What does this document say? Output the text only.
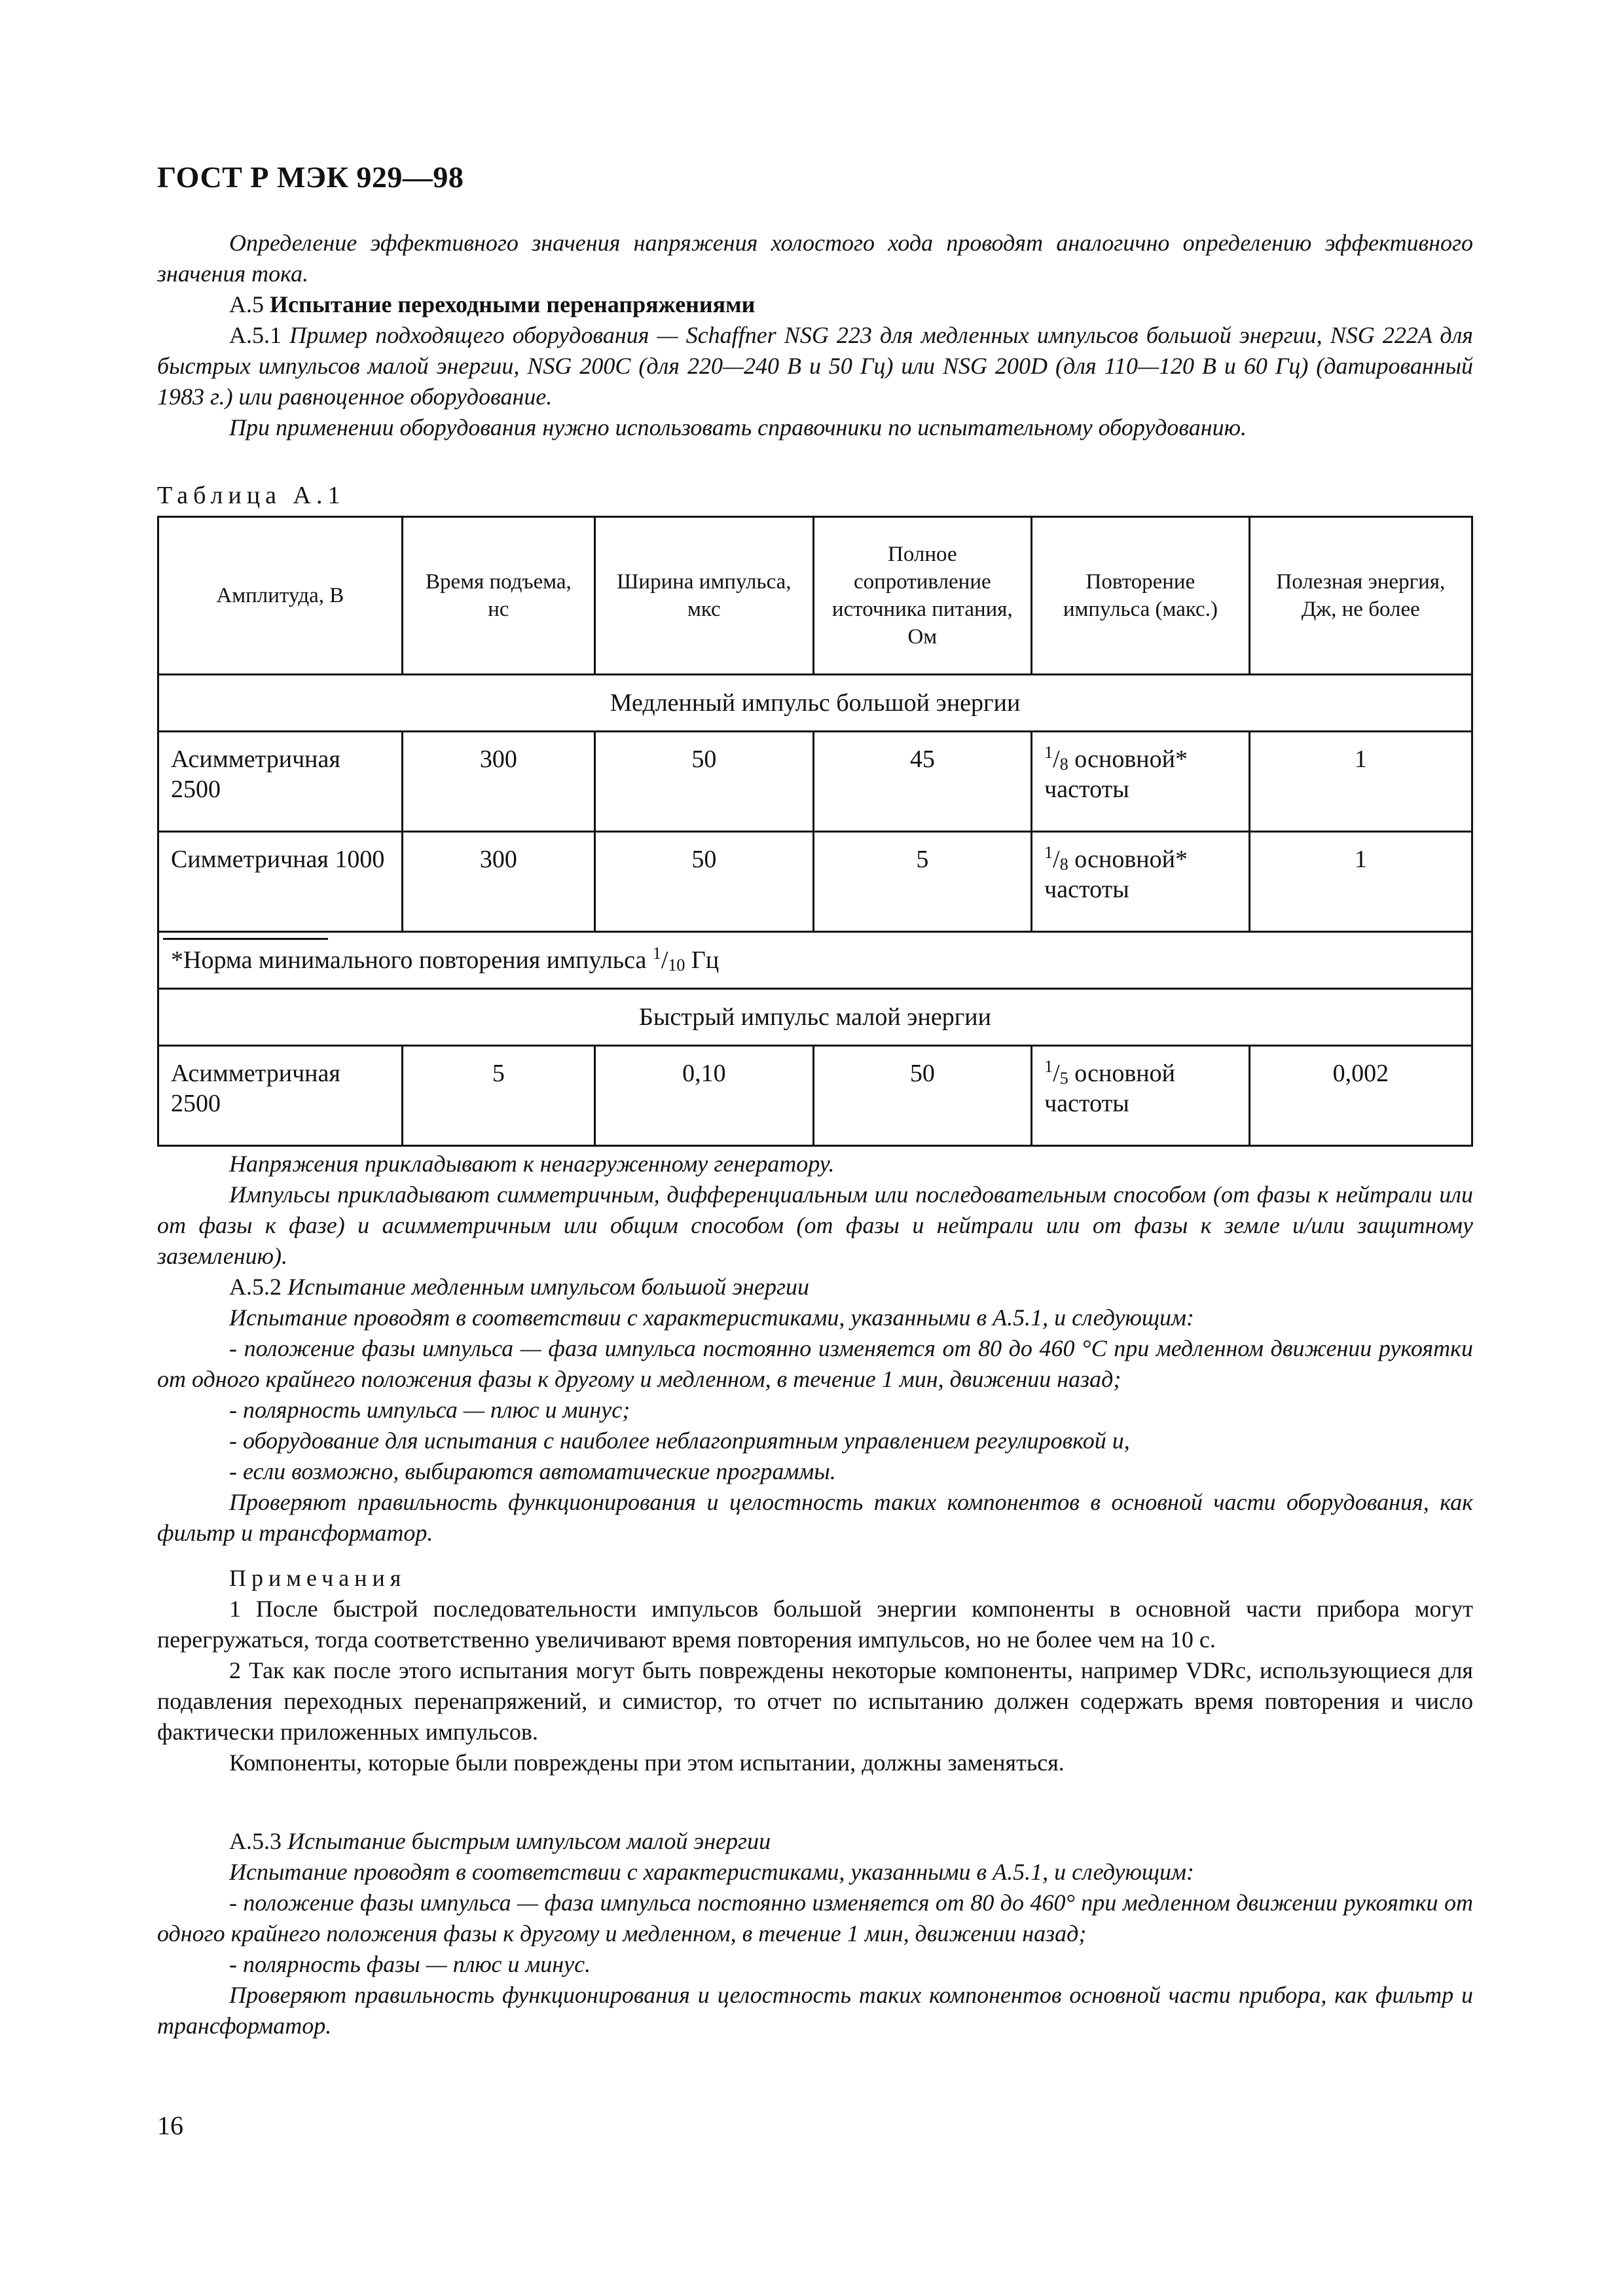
ГОСТ Р МЭК 929—98

Определение эффективного значения напряжения холостого хода проводят аналогично определению эффективного значения тока.

А.5 Испытание переходными перенапряжениями

А.5.1 Пример подходящего оборудования — Schaffner NSG 223 для медленных импульсов большой энергии, NSG 222A для быстрых импульсов малой энергии, NSG 200C (для 220—240 В и 50 Гц) или NSG 200D (для 110—120 В и 60 Гц) (датированный 1983 г.) или равноценное оборудование.

При применении оборудования нужно использовать справочники по испытательному оборудованию.

Таблица А.1
Амплитуда, В	Время подъема, нс	Ширина импульса, мкс	Полное сопротивление источника питания, Ом	Повторение импульса (макс.)	Полезная энергия, Дж, не более
Медленный импульс большой энергии					
Асимметричная 2500	300	50	45	$^1/_8$ основной* частоты	1
Симметричная 1000	300	50	5	$^1/_8$ основной* частоты	1

*Норма минимального повторения импульса $^1/_{10}$ Гц					
Быстрый импульс малой энергии					
Асимметричная 2500	5	0,10	50	$^1/_5$ основной частоты	0,002

Напряжения прикладывают к ненагруженному генератору.

Импульсы прикладывают симметричным, дифференциальным или последовательным способом (от фазы к нейтрали или от фазы к фазе) и асимметричным или общим способом (от фазы и нейтрали или от фазы к земле и/или защитному заземлению).

А.5.2 Испытание медленным импульсом большой энергии

Испытание проводят в соответствии с характеристиками, указанными в А.5.1, и следующим:

- положение фазы импульса — фаза импульса постоянно изменяется от 80 до 460 °С при медленном движении рукоятки от одного крайнего положения фазы к другому и медленном, в течение 1 мин, движении назад;

- полярность импульса — плюс и минус;

- оборудование для испытания с наиболее неблагоприятным управлением регулировкой и,

- если возможно, выбираются автоматические программы.

Проверяют правильность функционирования и целостность таких компонентов в основной части оборудования, как фильтр и трансформатор.

Примечания

1 После быстрой последовательности импульсов большой энергии компоненты в основной части прибора могут перегружаться, тогда соответственно увеличивают время повторения импульсов, но не более чем на 10 с.

2 Так как после этого испытания могут быть повреждены некоторые компоненты, например VDRc, использующиеся для подавления переходных перенапряжений, и симистор, то отчет по испытанию должен содержать время повторения и число фактически приложенных импульсов.

Компоненты, которые были повреждены при этом испытании, должны заменяться.

А.5.3 Испытание быстрым импульсом малой энергии

Испытание проводят в соответствии с характеристиками, указанными в А.5.1, и следующим:

- положение фазы импульса — фаза импульса постоянно изменяется от 80 до 460° при медленном движении рукоятки от одного крайнего положения фазы к другому и медленном, в течение 1 мин, движении назад;

- полярность фазы — плюс и минус.

Проверяют правильность функционирования и целостность таких компонентов основной части прибора, как фильтр и трансформатор.

16
